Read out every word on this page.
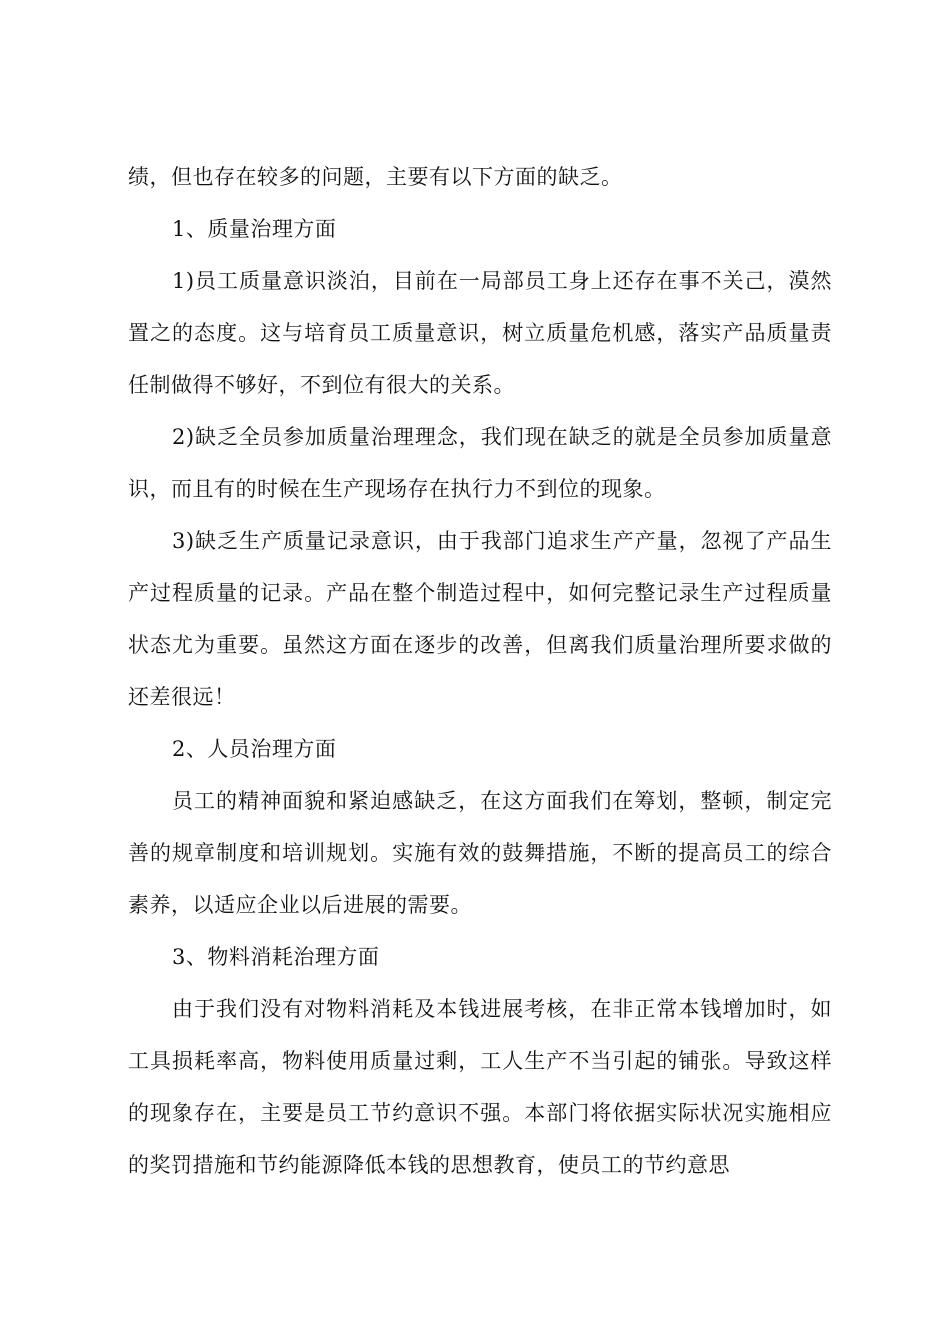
绩，但也存在较多的问题，主要有以下方面的缺乏。

1、质量治理方面

1)员工质量意识淡泊，目前在一局部员工身上还存在事不关己，漠然置之的态度。这与培育员工质量意识，树立质量危机感，落实产品质量责任制做得不够好，不到位有很大的关系。

2)缺乏全员参加质量治理理念，我们现在缺乏的就是全员参加质量意识，而且有的时候在生产现场存在执行力不到位的现象。

3)缺乏生产质量记录意识，由于我部门追求生产产量，忽视了产品生产过程质量的记录。产品在整个制造过程中，如何完整记录生产过程质量状态尤为重要。虽然这方面在逐步的改善，但离我们质量治理所要求做的还差很远！

2、人员治理方面

员工的精神面貌和紧迫感缺乏，在这方面我们在筹划，整顿，制定完善的规章制度和培训规划。实施有效的鼓舞措施，不断的提高员工的综合素养，以适应企业以后进展的需要。

3、物料消耗治理方面

由于我们没有对物料消耗及本钱进展考核，在非正常本钱增加时，如工具损耗率高，物料使用质量过剩，工人生产不当引起的铺张。导致这样的现象存在，主要是员工节约意识不强。本部门将依据实际状况实施相应的奖罚措施和节约能源降低本钱的思想教育，使员工的节约意思
